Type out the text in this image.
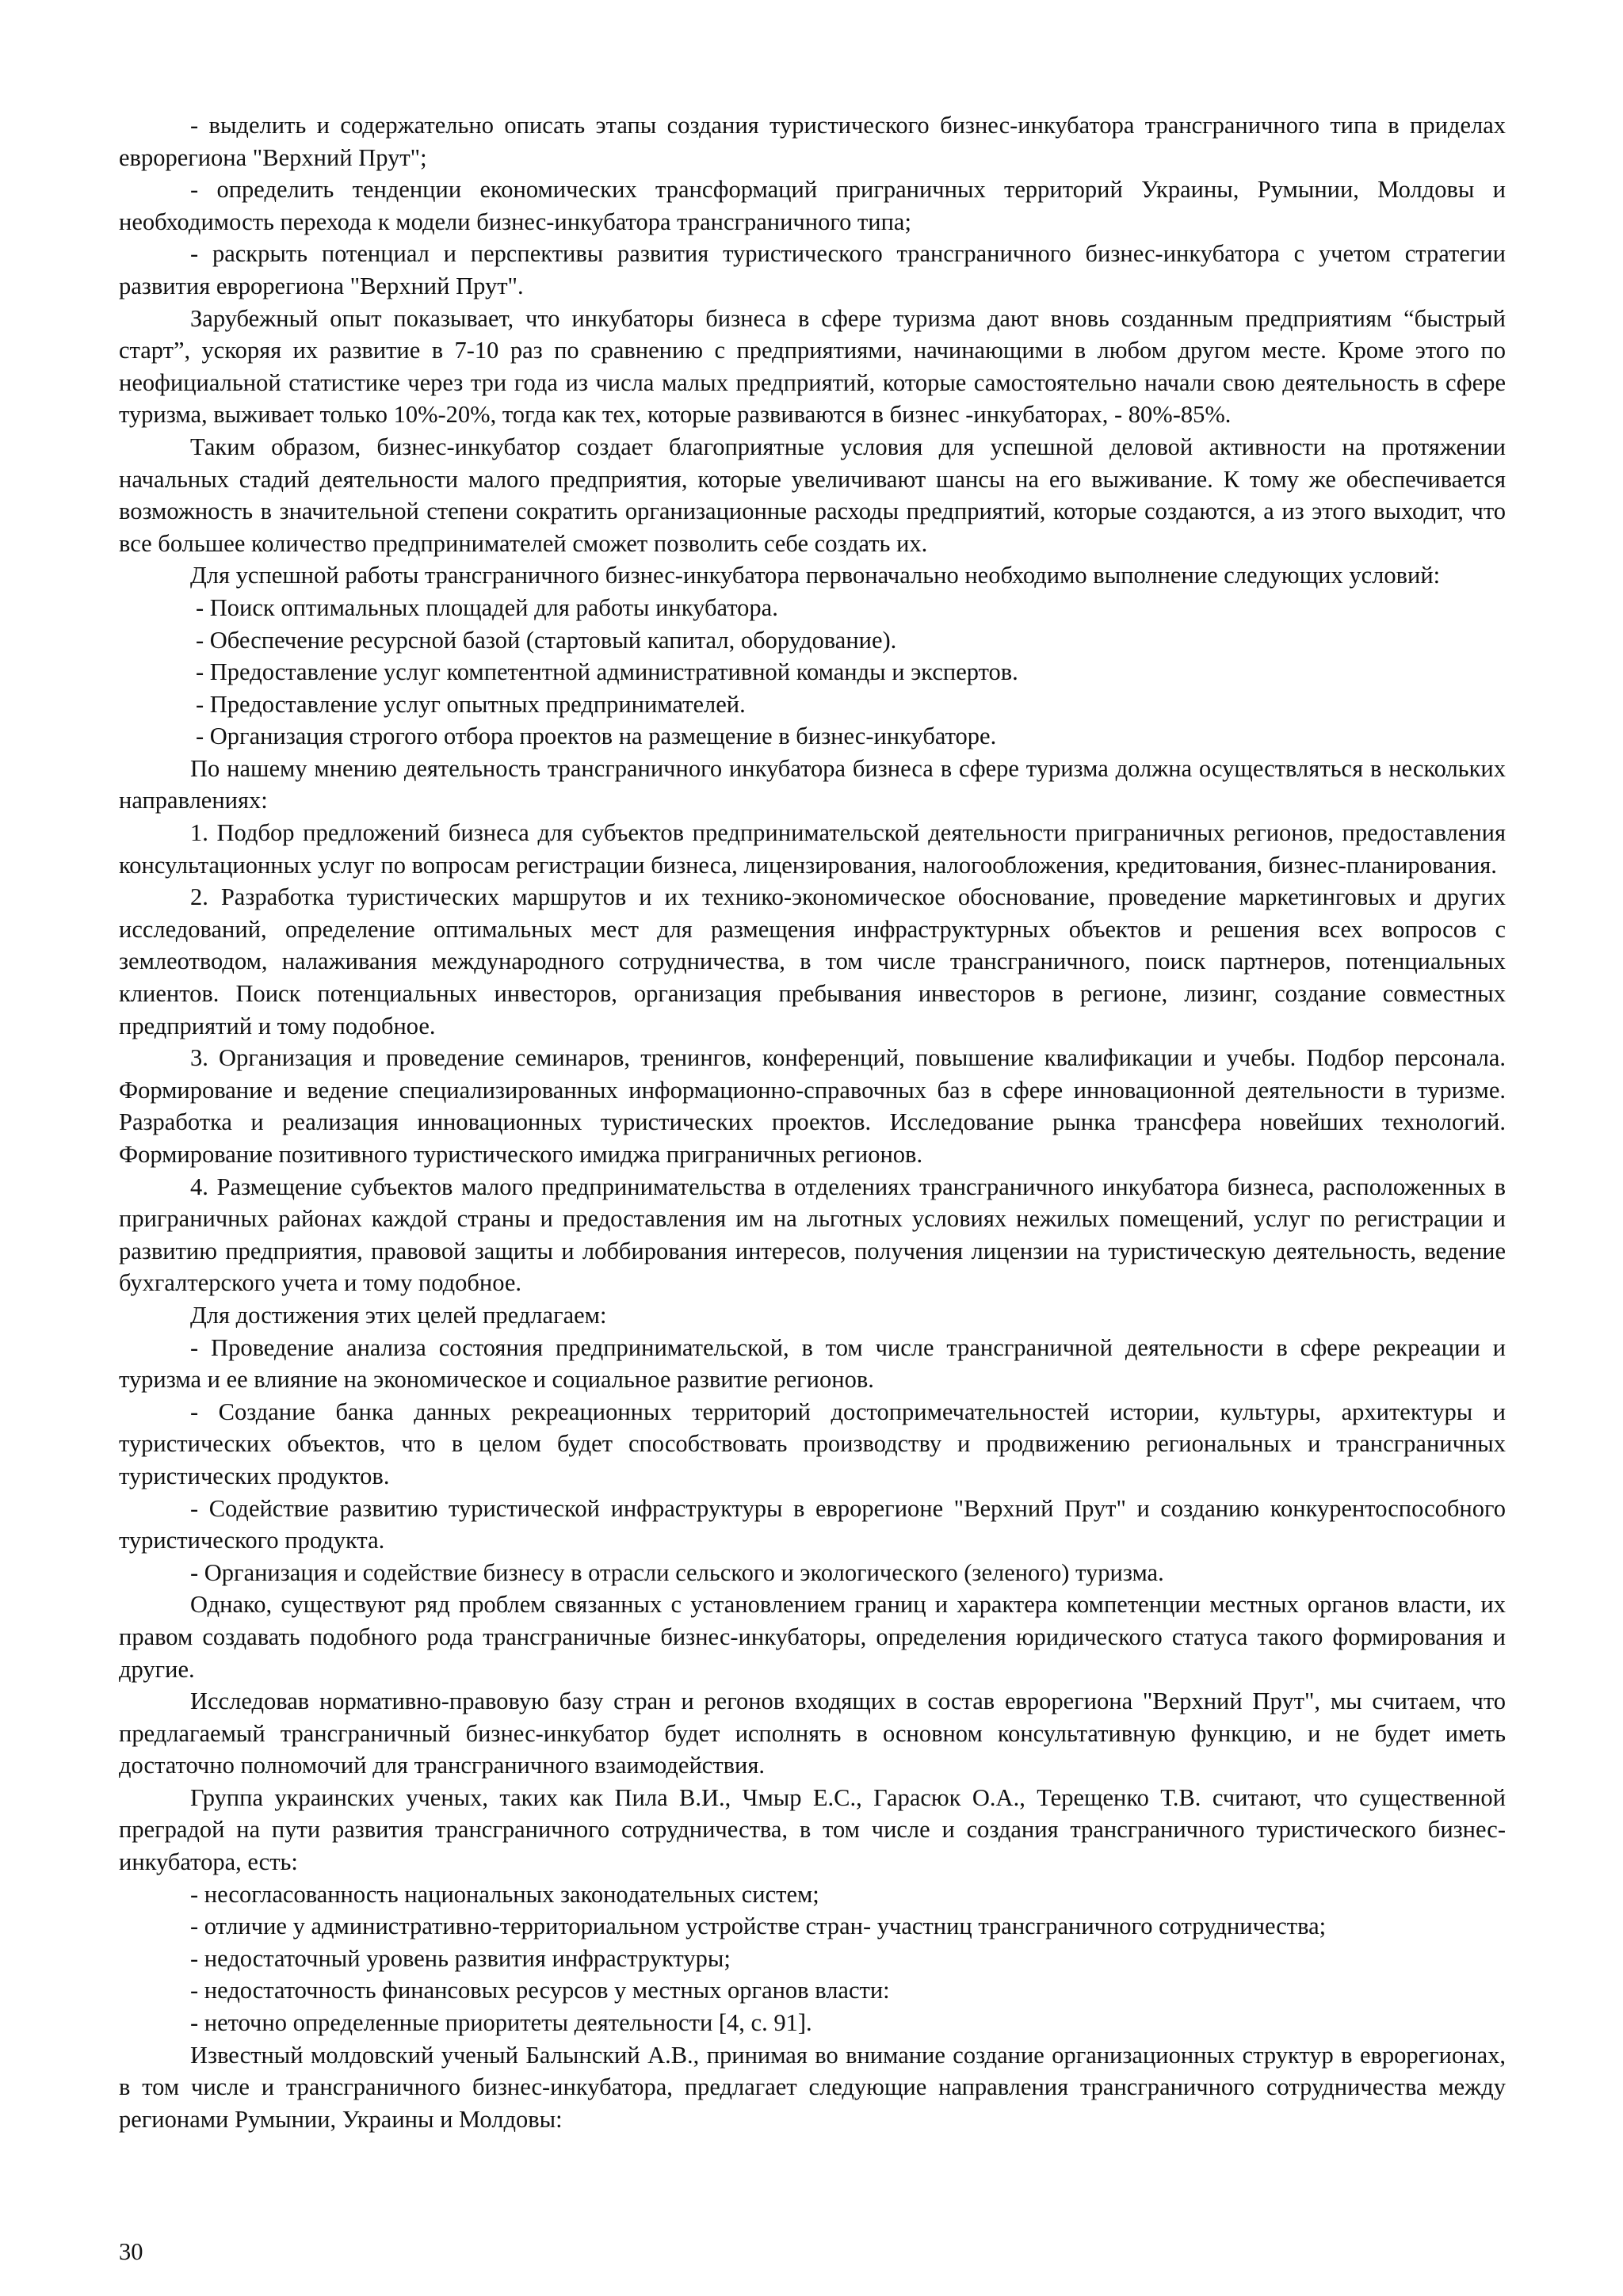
- выделить и содержательно описать этапы создания туристического бизнес-инкубатора трансграничного типа в приделах еврорегиона "Верхний Прут";

- определить тенденции економических трансформаций приграничных территорий Украины, Румынии, Молдовы и необходимость перехода к модели бизнес-инкубатора трансграничного типа;

- раскрыть потенциал и перспективы развития туристического трансграничного бизнес-инкубатора с учетом стратегии развития еврорегиона "Верхний Прут".

Зарубежный опыт показывает, что инкубаторы бизнеса в сфере туризма дают вновь созданным предприятиям “быстрый старт”, ускоряя их развитие в 7-10 раз по сравнению с предприятиями, начинающими в любом другом месте. Кроме этого по неофициальной статистике через три года из числа малых предприятий, которые самостоятельно начали свою деятельность в сфере туризма, выживает только 10%-20%, тогда как тех, которые развиваются в бизнес -инкубаторах, - 80%-85%.

Таким образом, бизнес-инкубатор создает благоприятные условия для успешной деловой активности на протяжении начальных стадий деятельности малого предприятия, которые увеличивают шансы на его выживание. К тому же обеспечивается возможность в значительной степени сократить организационные расходы предприятий, которые создаются, а из этого выходит, что все большее количество предпринимателей сможет позволить себе создать их.

Для успешной работы трансграничного бизнес-инкубатора первоначально необходимо выполнение следующих условий:

- Поиск оптимальных площадей для работы инкубатора.

- Обеспечение ресурсной базой (стартовый капитал, оборудование).

- Предоставление услуг компетентной административной команды и экспертов.

- Предоставление услуг опытных предпринимателей.

- Организация строгого отбора проектов на размещение в бизнес-инкубаторе.

По нашему мнению деятельность трансграничного инкубатора бизнеса в сфере туризма должна осуществляться в нескольких направлениях:

1. Подбор предложений бизнеса для субъектов предпринимательской деятельности приграничных регионов, предоставления консультационных услуг по вопросам регистрации бизнеса, лицензирования, налогообложения, кредитования, бизнес-планирования.

2. Разработка туристических маршрутов и их технико-экономическое обоснование, проведение маркетинговых и других исследований, определение оптимальных мест для размещения инфраструктурных объектов и решения всех вопросов с землеотводом, налаживания международного сотрудничества, в том числе трансграничного, поиск партнеров, потенциальных клиентов. Поиск потенциальных инвесторов, организация пребывания инвесторов в регионе, лизинг, создание совместных предприятий и тому подобное.

3. Организация и проведение семинаров, тренингов, конференций, повышение квалификации и учебы. Подбор персонала. Формирование и ведение специализированных информационно-справочных баз в сфере инновационной деятельности в туризме. Разработка и реализация инновационных туристических проектов. Исследование рынка трансфера новейших технологий. Формирование позитивного туристического имиджа приграничных регионов.

4. Размещение субъектов малого предпринимательства в отделениях трансграничного инкубатора бизнеса, расположенных в приграничных районах каждой страны и предоставления им на льготных условиях нежилых помещений, услуг по регистрации и развитию предприятия, правовой защиты и лоббирования интересов, получения лицензии на туристическую деятельность, ведение бухгалтерского учета и тому подобное.

Для достижения этих целей предлагаем:

- Проведение анализа состояния предпринимательской, в том числе трансграничной деятельности в сфере рекреации и туризма и ее влияние на экономическое и социальное развитие регионов.

- Создание банка данных рекреационных территорий достопримечательностей истории, культуры, архитектуры и туристических объектов, что в целом будет способствовать производству и продвижению региональных и трансграничных туристических продуктов.

- Содействие развитию туристической инфраструктуры в еврорегионе "Верхний Прут" и созданию конкурентоспособного туристического продукта.

- Организация и содействие бизнесу в отрасли сельского и экологического (зеленого) туризма.

Однако, существуют ряд проблем связанных с установлением границ и характера компетенции местных органов власти, их правом создавать подобного рода трансграничные бизнес-инкубаторы, определения юридического статуса такого формирования и другие.

Исследовав нормативно-правовую базу стран и регонов входящих в состав еврорегиона "Верхний Прут", мы считаем, что предлагаемый трансграничный бизнес-инкубатор будет исполнять в основном консультативную функцию, и не будет иметь достаточно полномочий для трансграничного взаимодействия.

Группа украинских ученых, таких как Пила В.И., Чмыр Е.С., Гарасюк О.А., Терещенко Т.В. считают, что существенной преградой на пути развития трансграничного сотрудничества, в том числе и создания трансграничного туристического бизнес-инкубатора, есть:

- несогласованность национальных законодательных систем;

- отличие у административно-территориальном устройстве стран- участниц трансграничного сотрудничества;

- недостаточный уровень развития инфраструктуры;

- недостаточность финансовых ресурсов у местных органов власти:

- неточно определенные приоритеты деятельности [4, с. 91].

Известный молдовский ученый Балынский А.В., принимая во внимание создание организационных структур в еврорегионах, в том числе и трансграничного бизнес-инкубатора, предлагает следующие направления трансграничного сотрудничества между регионами Румынии, Украины и Молдовы:

30
